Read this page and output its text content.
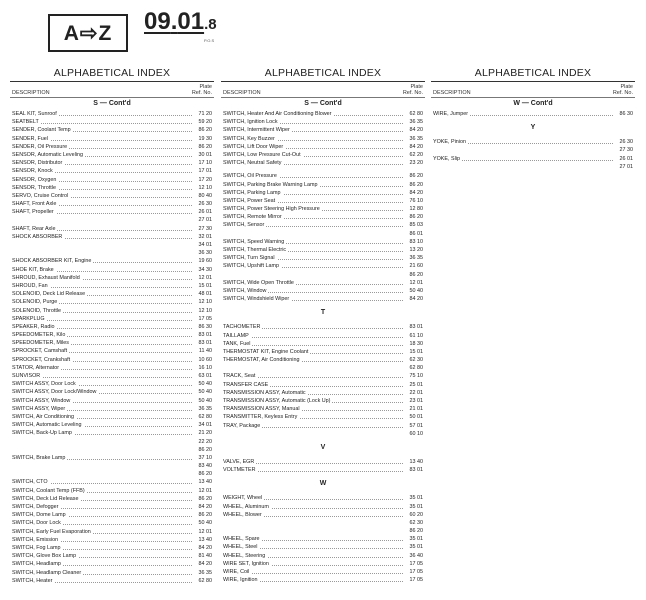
A⇨Z	09.01.8
P.O.S
ALPHABETICAL INDEX
DESCRIPTION
Plate
Ref. No.
S — Cont'd
SEAL KIT, Sunroof	71 20
SEATBELT	59 20
SENDER, Coolant Temp	86 20
SENDER, Fuel	19 30
SENDER, Oil Pressure	86 20
SENSOR, Automatic Leveling	30 01
SENSOR, Distributor	17 10
SENSOR, Knock	17 01
SENSOR, Oxygen	17 20
SENSOR, Throttle	12 10
SERVO, Cruise Control	80 40
SHAFT, Front Axle	26 30
SHAFT, Propeller	26 01
27 01
SHAFT, Rear Axle	27 30
SHOCK ABSORBER	32 01
34 01
36 30
SHOCK ABSORBER KIT, Engine	19 60
SHOE KIT, Brake	34 30
SHROUD, Exhaust Manifold	12 01
SHROUD, Fan	15 01
SOLENOID, Deck Lid Release	48 01
SOLENOID, Purge	12 10
SOLENOID, Throttle	12 10
SPARKPLUG	17 05
SPEAKER, Radio	86 30
SPEEDOMETER, Kilo	83 01
SPEEDOMETER, Miles	83 01
SPROCKET, Camshaft	11 40
SPROCKET, Crankshaft	10 60
STATOR, Alternator	16 10
SUNVISOR	63 01
SWITCH ASSY, Door Lock	50 40
SWITCH ASSY, Door Lock/Window	50 40
SWITCH ASSY, Window	50 40
SWITCH ASSY, Wiper	36 35
SWITCH, Air Conditioning	62 80
SWITCH, Automatic Leveling	34 01
SWITCH, Back-Up Lamp	21 20
22 20
86 20
SWITCH, Brake Lamp	37 10
83 40
86 20
SWITCH, CTO	13 40
SWITCH, Coolant Temp (FFB)	12 01
SWITCH, Deck Lid Release	86 20
SWITCH, Defogger	84 20
SWITCH, Dome Lamp	86 20
SWITCH, Door Lock	50 40
SWITCH, Early Fuel Evaporation	12 01
SWITCH, Emission	13 40
SWITCH, Fog Lamp	84 20
SWITCH, Glove Box Lamp	81 40
SWITCH, Headlamp	84 20
SWITCH, Headlamp Cleaner	36 35
SWITCH, Heater	62 80
ALPHABETICAL INDEX
DESCRIPTION
Plate
Ref. No.
S — Cont'd
SWITCH, Heater And Air Conditioning Blower	62 80
SWITCH, Ignition Lock	36 35
SWITCH, Intermittent Wiper	84 20
SWITCH, Key Buzzer	36 35
SWITCH, Lift Door Wiper	84 20
SWITCH, Low Pressure Cut-Out	62 20
SWITCH, Neutral Safety	23 20
SWITCH, Oil Pressure	86 20
SWITCH, Parking Brake Warning Lamp	86 20
SWITCH, Parking Lamp	84 20
SWITCH, Power Seat	76 10
SWITCH, Power Steering High Pressure	12 80
SWITCH, Remote Mirror	86 20
SWITCH, Sensor	85 03
86 01
SWITCH, Speed Warning	83 10
SWITCH, Thermal Electric	13 20
SWITCH, Turn Signal	36 35
SWITCH, Upshift Lamp	21 60
86 20
SWITCH, Wide Open Throttle	12 01
SWITCH, Window	50 40
SWITCH, Windshield Wiper	84 20
T
TACHOMETER	83 01
TAILLAMP	61 10
TANK, Fuel	18 30
THERMOSTAT KIT, Engine Coolant	15 01
THERMOSTAT, Air Conditioning	62 30
62 80
TRACK, Seat	75 10
TRANSFER CASE	25 01
TRANSMISSION ASSY, Automatic	22 01
TRANSMISSION ASSY, Automatic (Lock Up)	23 01
TRANSMISSION ASSY, Manual	21 01
TRANSMITTER, Keyless Entry	50 01
TRAY, Package	57 01
60 10
V
VALVE, EGR	13 40
VOLTMETER	83 01
W
WEIGHT, Wheel	35 01
WHEEL, Aluminum	35 01
WHEEL, Blower	60 20
62 30
86 20
WHEEL, Spare	35 01
WHEEL, Steel	35 01
WHEEL, Steering	36 40
WIRE SET, Ignition	17 05
WIRE, Coil	17 05
WIRE, Ignition	17 05
ALPHABETICAL INDEX
DESCRIPTION
Plate
Ref. No.
W — Cont'd
WIRE, Jumper	86 30
Y
YOKE, Pinion	26 30
27 30
YOKE, Slip	26 01
27 01
